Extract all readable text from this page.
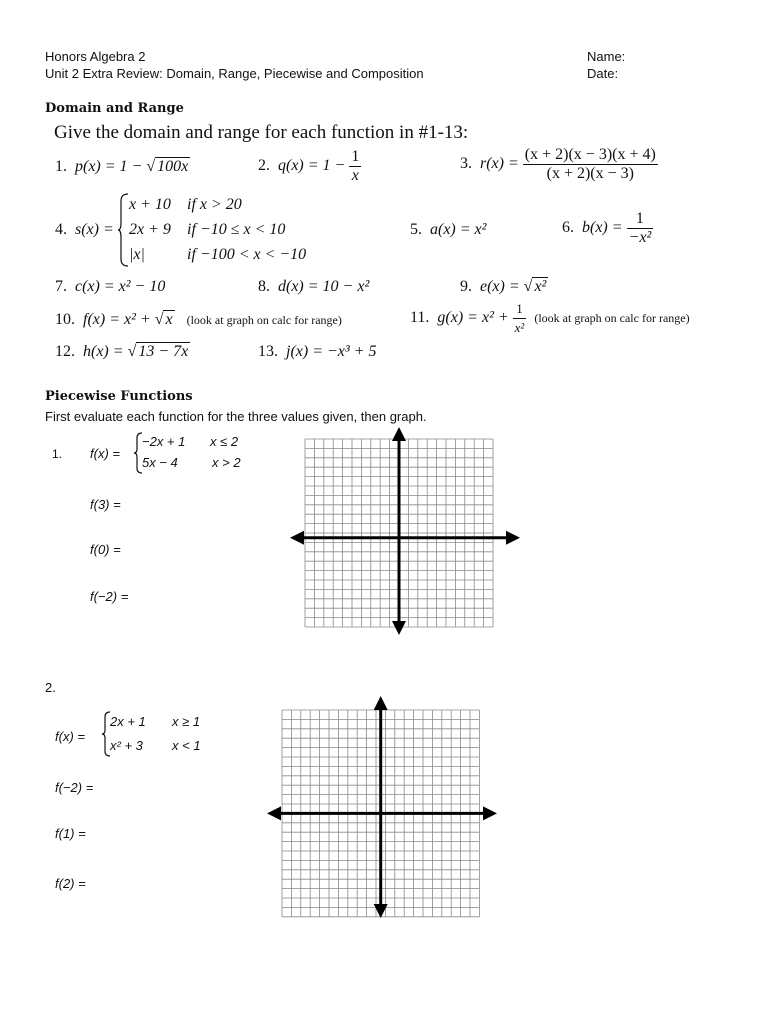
Honors Algebra 2
Unit 2 Extra Review: Domain, Range, Piecewise and Composition
Name:
Date:
Domain and Range
Give the domain and range for each function in #1-13:
1. p(x) = 1 − √ 100x	2. $q(x) = 1 - \frac{1}{x}$	3. $r(x) = \frac{(x + 2)(x - 3)(x + 4)}{(x + 2)(x - 3)}$
4. s(x) =
x + 10 if x > 20
2x + 9 if −10 ≤ x < 10
|x|	if −100 < x < −10
5. a(x) = x²	6. $b(x) = \frac{1}{\text{−x²}}$
7. c(x) = x² − 10	8. d(x) = 10 − x²	9. e(x) = √ x²
10. f(x) = x² + √ x (look at graph on calc for range)	11. $g(x) = x^2 + \frac{1}{\text{x²}}$ (look at graph on calc for range)
12. h(x) = √ 13 − 7x	13. j(x) = −x³ + 5
Piecewise Functions
First evaluate each function for the three values given, then graph.
1. f(x) =
−2x + 1 x ≤ 2
5x − 4	x > 2
f(3) =
f(0) =
f(−2) =
2.
f(x) =
2x + 1 x ≥ 1
x² + 3 x < 1
f(−2) =
f(1) =
f(2) =
